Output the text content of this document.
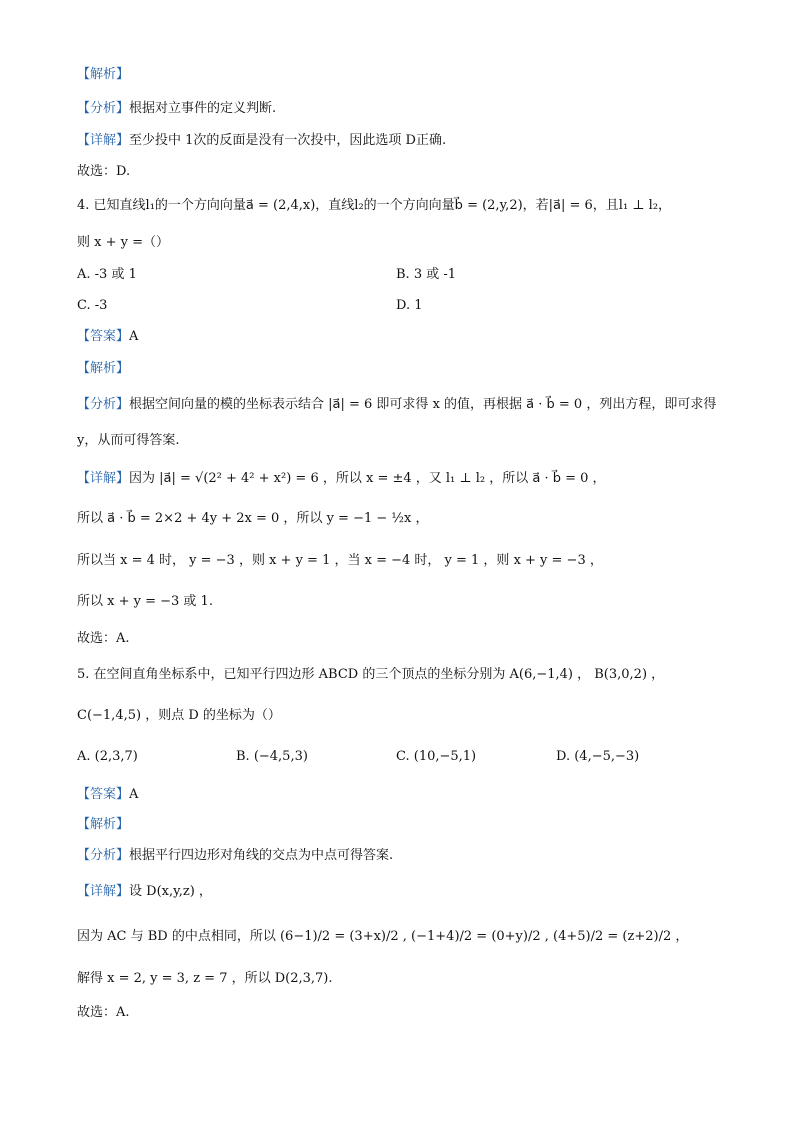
【解析】
【分析】根据对立事件的定义判断.
【详解】至少投中 1次的反面是没有一次投中，因此选项 D正确.
故选：D.
4. 已知直线l₁的一个方向向量a⃗ = (2,4,x)，直线l₂的一个方向向量b⃗ = (2,y,2)，若|a⃗| = 6，且l₁ ⊥ l₂，
则 x + y =（）
A. -3 或 1	B. 3 或 -1
C. -3	D. 1
【答案】A
【解析】
【分析】根据空间向量的模的坐标表示结合 |a⃗| = 6 即可求得 x 的值，再根据 a⃗ · b⃗ = 0 ，列出方程，即可求得
y，从而可得答案.
【详解】因为 |a⃗| = √(2² + 4² + x²) = 6 ，所以 x = ±4 ，又 l₁ ⊥ l₂ ，所以 a⃗ · b⃗ = 0 ，
所以 a⃗ · b⃗ = 2×2 + 4y + 2x = 0 ，所以 y = −1 − ½x ，
所以当 x = 4 时， y = −3 ，则 x + y = 1 ，当 x = −4 时， y = 1 ，则 x + y = −3 ，
所以 x + y = −3 或 1.
故选：A.
5. 在空间直角坐标系中，已知平行四边形 ABCD 的三个顶点的坐标分别为 A(6,−1,4) ， B(3,0,2) ，
C(−1,4,5) ，则点 D 的坐标为（）
A. (2,3,7)	B. (−4,5,3)	C. (10,−5,1)	D. (4,−5,−3)
【答案】A
【解析】
【分析】根据平行四边形对角线的交点为中点可得答案.
【详解】设 D(x,y,z) ，
因为 AC 与 BD 的中点相同，所以 (6−1)/2 = (3+x)/2 , (−1+4)/2 = (0+y)/2 , (4+5)/2 = (z+2)/2 ，
解得 x = 2, y = 3, z = 7 ，所以 D(2,3,7).
故选：A.
